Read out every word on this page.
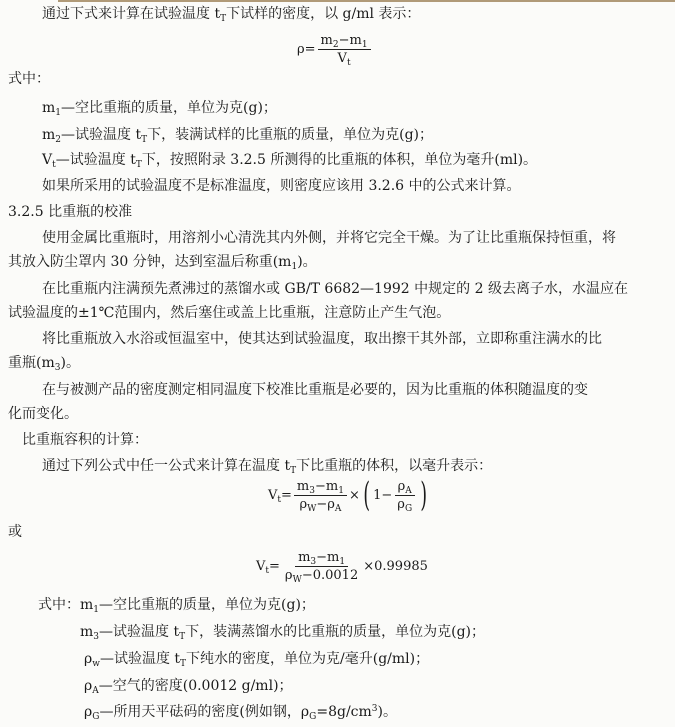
通过下式来计算在试验温度 $t_T$下试样的密度，以 g/ml 表示：
式中：
$m_1—$空比重瓶的质量，单位为克(g)；
$m_2—$试验温度 $t_T$下，装满试样的比重瓶的质量，单位为克(g)；
$V_t—$试验温度 $t_T$下，按照附录 3.2.5 所测得的比重瓶的体积，单位为毫升(ml)。
如果所采用的试验温度不是标准温度，则密度应该用 3.2.6 中的公式来计算。
3.2.5 比重瓶的校准
使用金属比重瓶时，用溶剂小心清洗其内外侧，并将它完全干燥。为了让比重瓶保持恒重，将
其放入防尘罩内 30 分钟，达到室温后称重$(m_1)$。
在比重瓶内注满预先煮沸过的蒸馏水或 GB/T 6682—1992 中规定的 2 级去离子水，水温应在
试验温度的±1℃范围内，然后塞住或盖上比重瓶，注意防止产生气泡。
将比重瓶放入水浴或恒温室中，使其达到试验温度，取出擦干其外部，立即称重注满水的比
重瓶$(m_3)$。
在与被测产品的密度测定相同温度下校准比重瓶是必要的，因为比重瓶的体积随温度的变
化而变化。
比重瓶容积的计算：
通过下列公式中任一公式来计算在温度 $t_T$下比重瓶的体积，以毫升表示：
或
式中：$m_1—$空比重瓶的质量，单位为克(g)；
$m_3—$试验温度 $t_T$下，装满蒸馏水的比重瓶的质量，单位为克(g)；
$\rho_w—$试验温度 $t_T$下纯水的密度，单位为克/毫升(g/ml)；
$\rho_A—$空气的密度(0.0012 g/ml)；
$\rho_G—$所用天平砝码的密度(例如钢，$\rho_G=8g/cm^3$)。
$\rho= \frac{m_2-m_1}{V_t}$
$V_t= \frac{m_3-m_1}{\rho_W-\rho_A}$ × ( $1- \frac{\rho_A}{\rho_G}$ )
$V_t= \frac{m_3-m_1}{\rho_W-0.0012} \times 0.99985$
